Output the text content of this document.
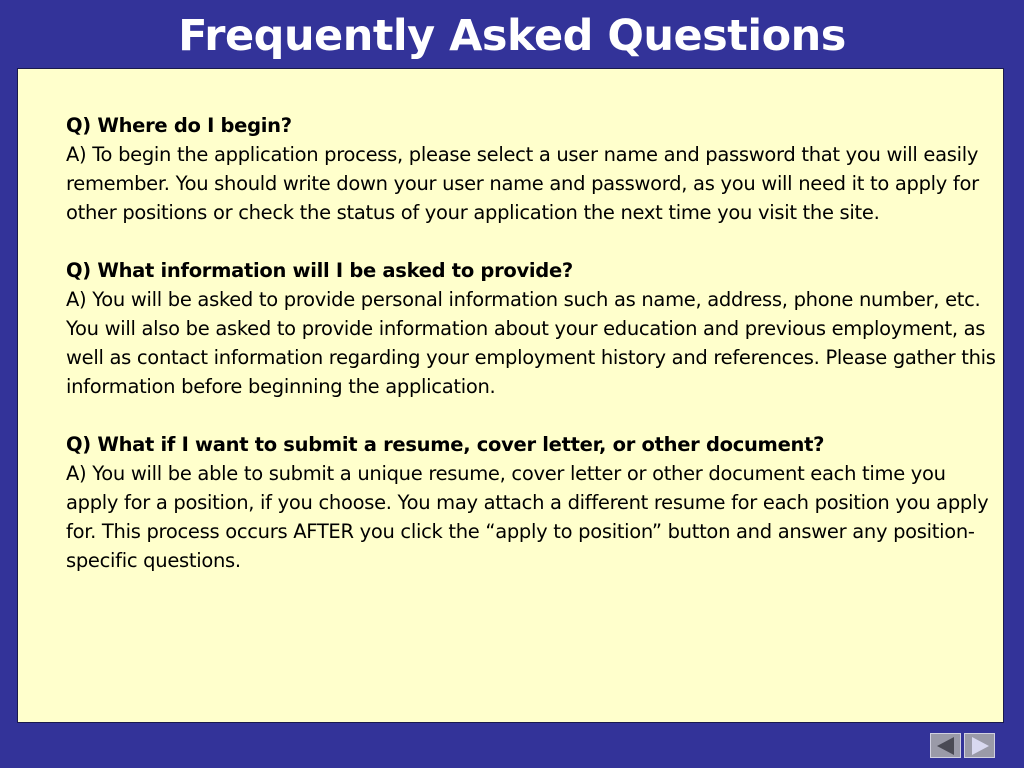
Frequently Asked Questions
Q) Where do I begin?
A) To begin the application process, please select a user name and password that you will easily remember. You should write down your user name and password, as you will need it to apply for other positions or check the status of your application the next time you visit the site.
Q) What information will I be asked to provide?
A) You will be asked to provide personal information such as name, address, phone number, etc. You will also be asked to provide information about your education and previous employment, as well as contact information regarding your employment history and references. Please gather this information before beginning the application.
Q) What if I want to submit a resume, cover letter, or other document?
A) You will be able to submit a unique resume, cover letter or other document each time you apply for a position, if you choose. You may attach a different resume for each position you apply for. This process occurs AFTER you click the “apply to position” button and answer any position-specific questions.
